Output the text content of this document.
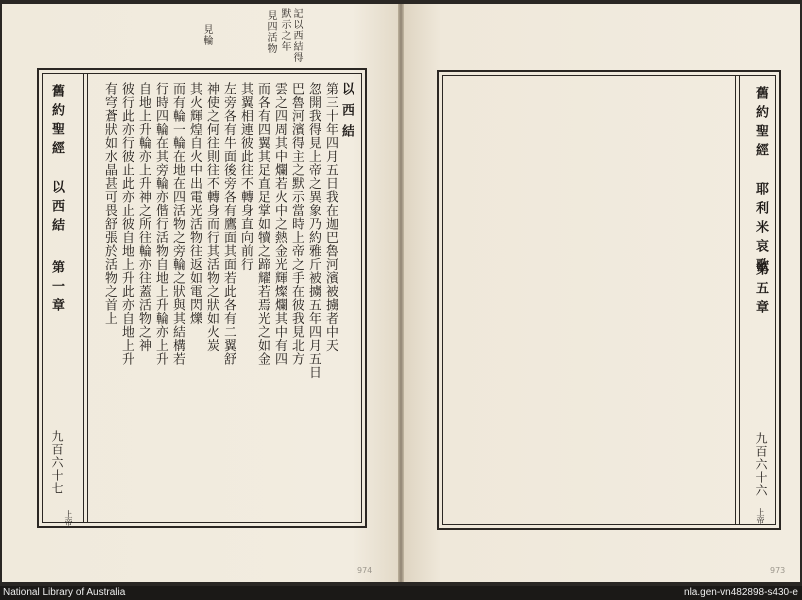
記以西結得
默示之年
見四活物
見輪
舊約聖經
以西結
第一章
九百六十七
上帝
以西結
第三十年四月五日我在迦巴魯河濱被擄者中天
忽開我得見上帝之異象乃約雅斤被擄五年四月五日
巴魯河濱得主之默示當時上帝之手在彼我見北方
雲之四周其中爛若火中之熱金光輝燦爛其中有四
而各有四翼其足直足掌如犢之蹄耀若焉光之如金
其翼相連彼此往不轉身直向前行
左旁各有牛面後旁各有鷹面其面若此各有二翼舒
神使之何往則往不轉身而行其活物之狀如火炭
其火輝煌自火中出電光活物往返如電閃爍
而有輪一輪在地在四活物之旁輪之狀與其結構若
行時四輪在其旁輪亦偕行活物自地上升輪亦上升
自地上升輪亦上升神之所往輪亦往蓋活物之神
彼行此亦行彼止此亦止彼自地上升此亦自地上升
有穹蒼狀如水晶甚可畏舒張於活物之首上	舊約聖經
耶利米哀歌
第五章
九百六十六
上帝
974	973
National Library of Australia	nla.gen-vn482898-s430-e
